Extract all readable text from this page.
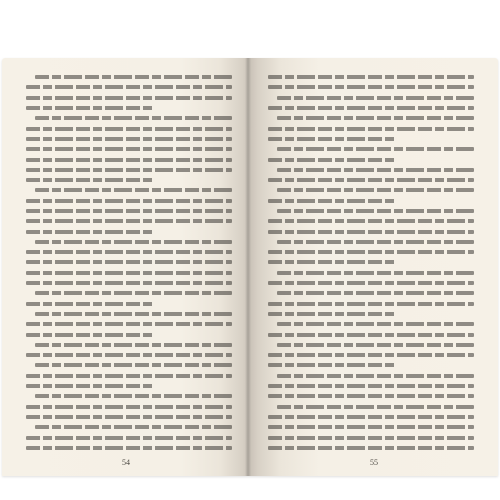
54	55
